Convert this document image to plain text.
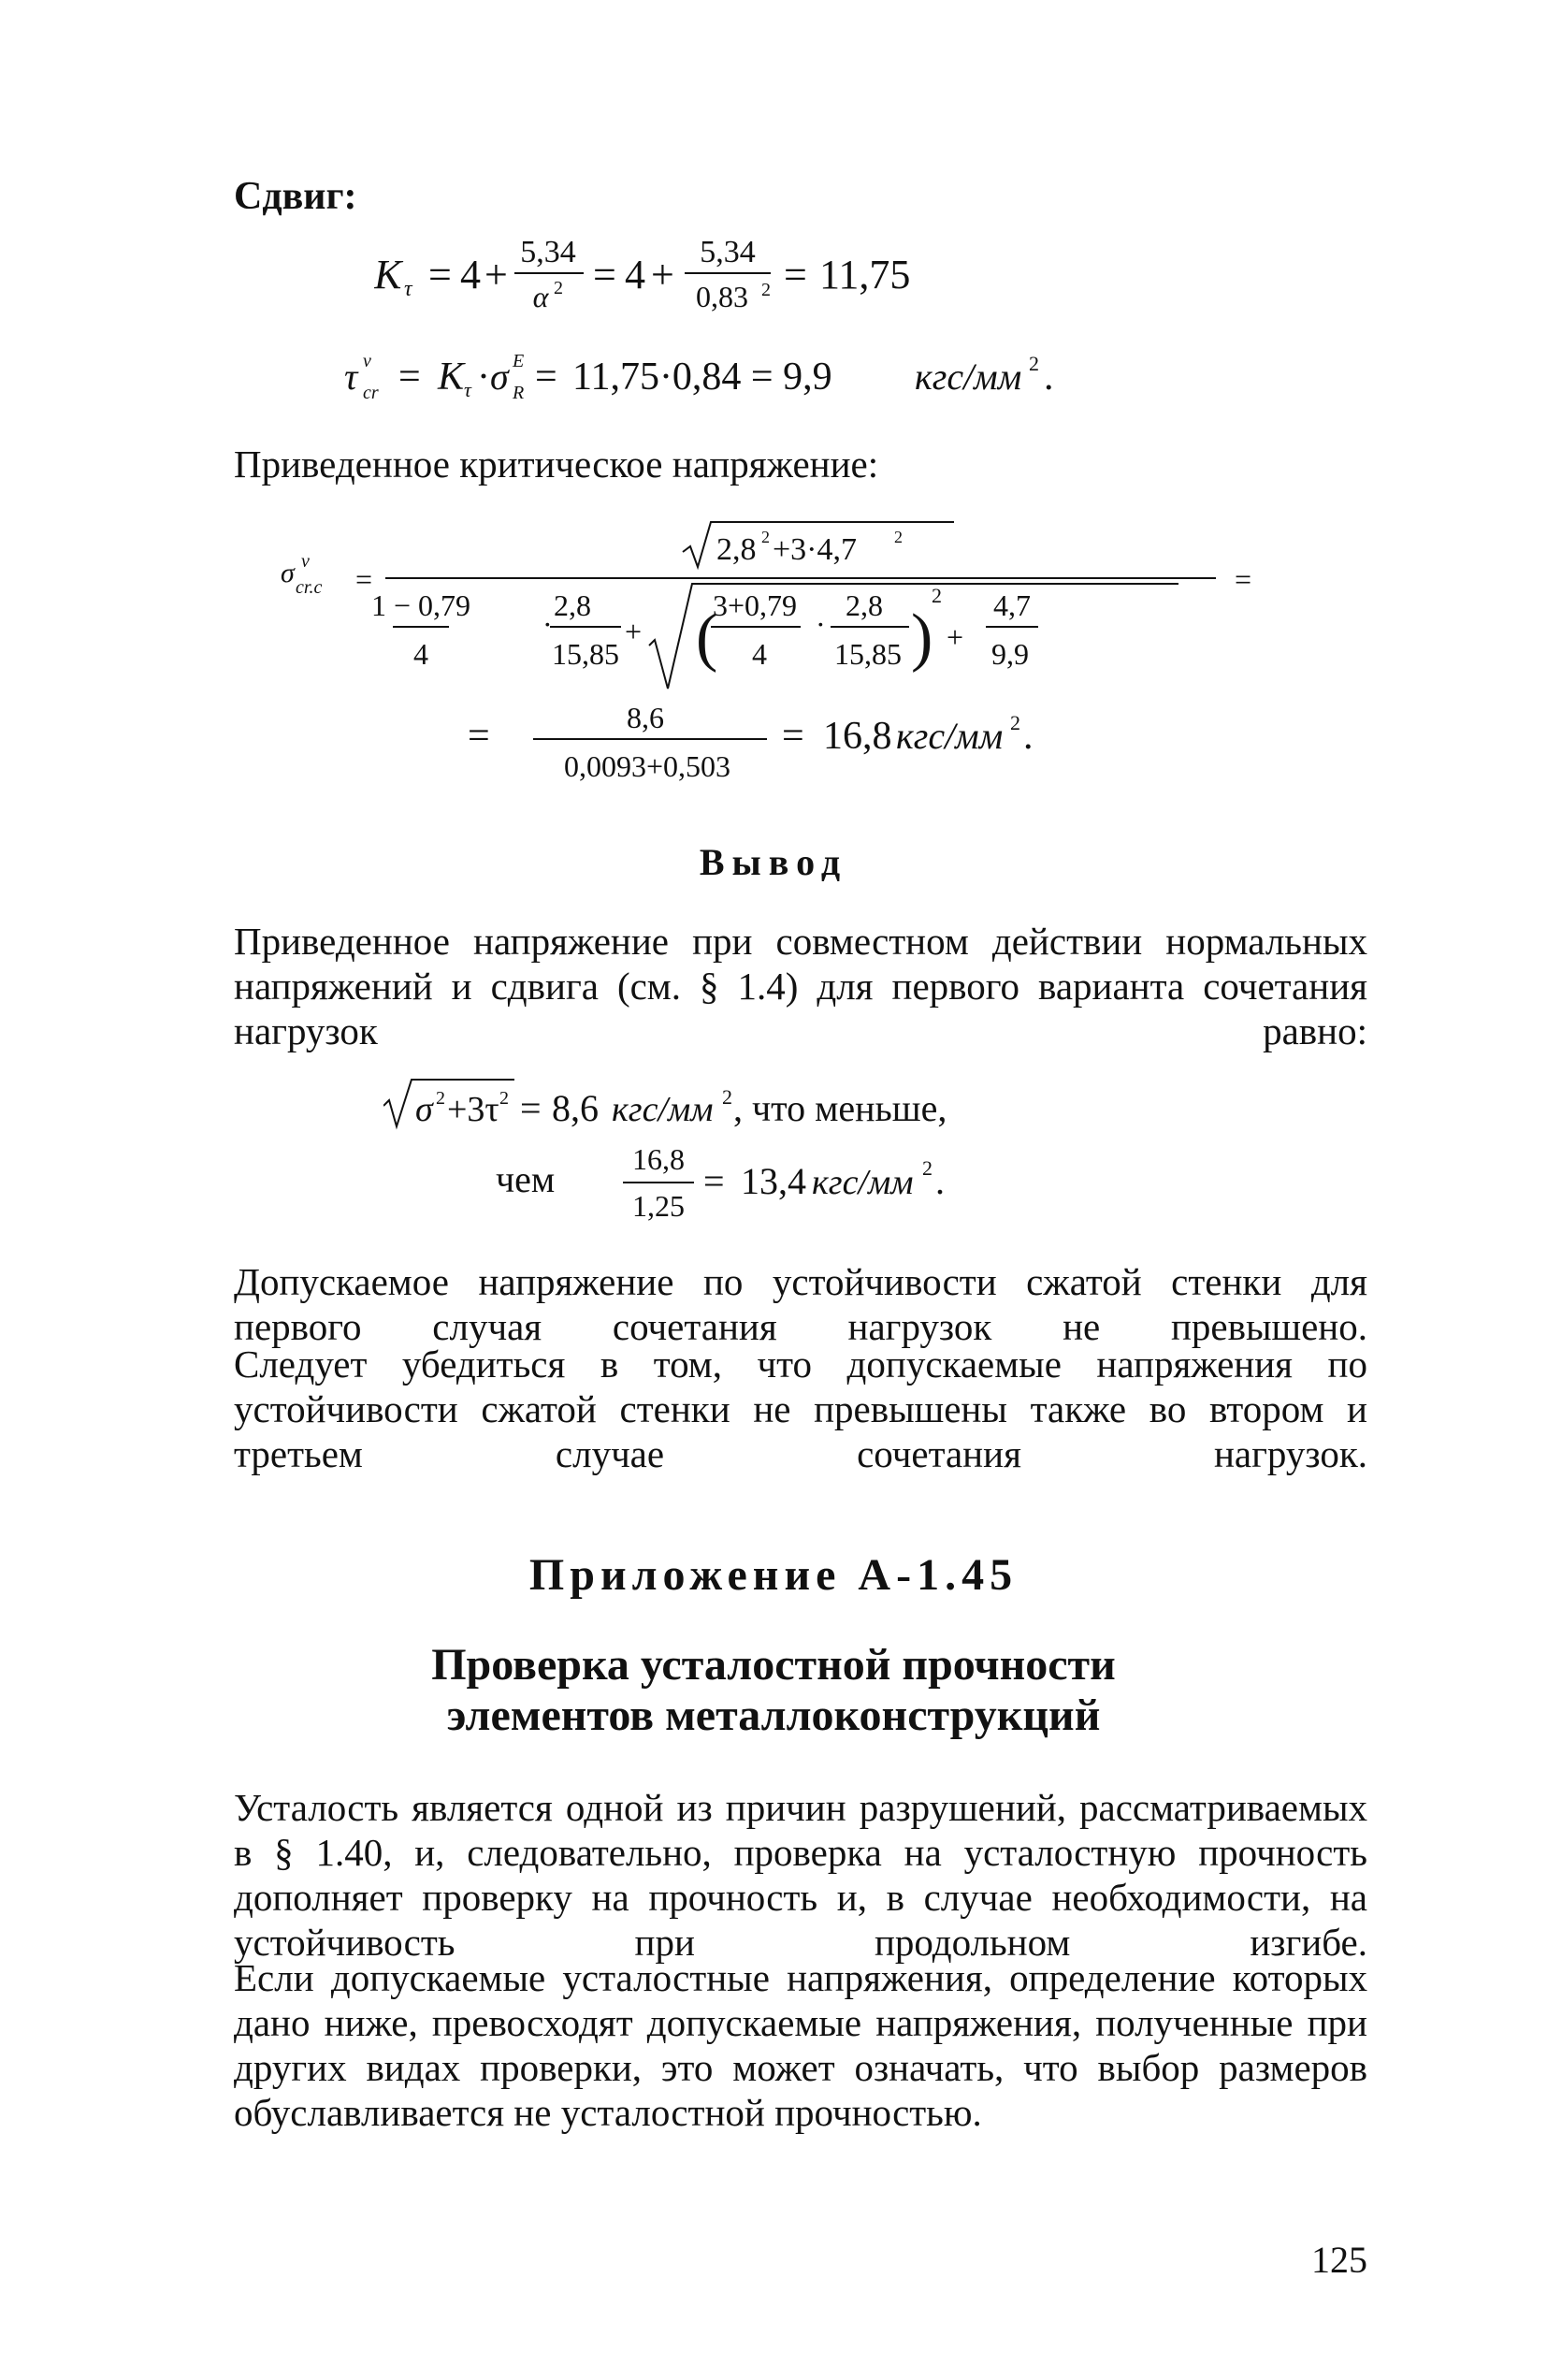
Сдвиг:
K τ = 4 + 5,34
α 2 = 4 + 5,34
0,83 2 = 11,75
τ v
cr = K τ · σ E
R = 11,75·0,84 = 9,9 кгс/мм 2 .
Приведенное критическое напряжение:
σ v
cr.c =
2,8 2 +3·4,7 2
=
1 − 0,79
4
·
2,8
15,85
+ (
3+0,79
4
·
2,8
15,85 )
2
+
4,7
9,9
=	8,6
0,0093+0,503
= 16,8 кгс/мм 2 .
Вывод
Приведенное напряжение при совместном действии нормальных напряжений и сдвига (см. § 1.4) для первого варианта сочетания нагрузок равно:
σ 2 +3τ 2 = 8,6 кгс/мм 2 , что меньше,
чем	16,8
1,25
= 13,4 кгс/мм 2 .
Допускаемое напряжение по устойчивости сжатой стенки для первого случая сочетания нагрузок не превышено.
Следует убедиться в том, что допускаемые напряжения по устойчивости сжатой стенки не превышены также во втором и третьем случае сочетания нагрузок.
Приложение А-1.45
Проверка усталостной прочности
элементов металлоконструкций
Усталость является одной из причин разрушений, рассматриваемых в § 1.40, и, следовательно, проверка на усталостную прочность дополняет проверку на прочность и, в случае необходимости, на устойчивость при продольном изгибе.
Если допускаемые усталостные напряжения, определение которых дано ниже, превосходят допускаемые напряжения, полученные при других видах проверки, это может означать, что выбор размеров обуславливается не усталостной прочностью.
125
